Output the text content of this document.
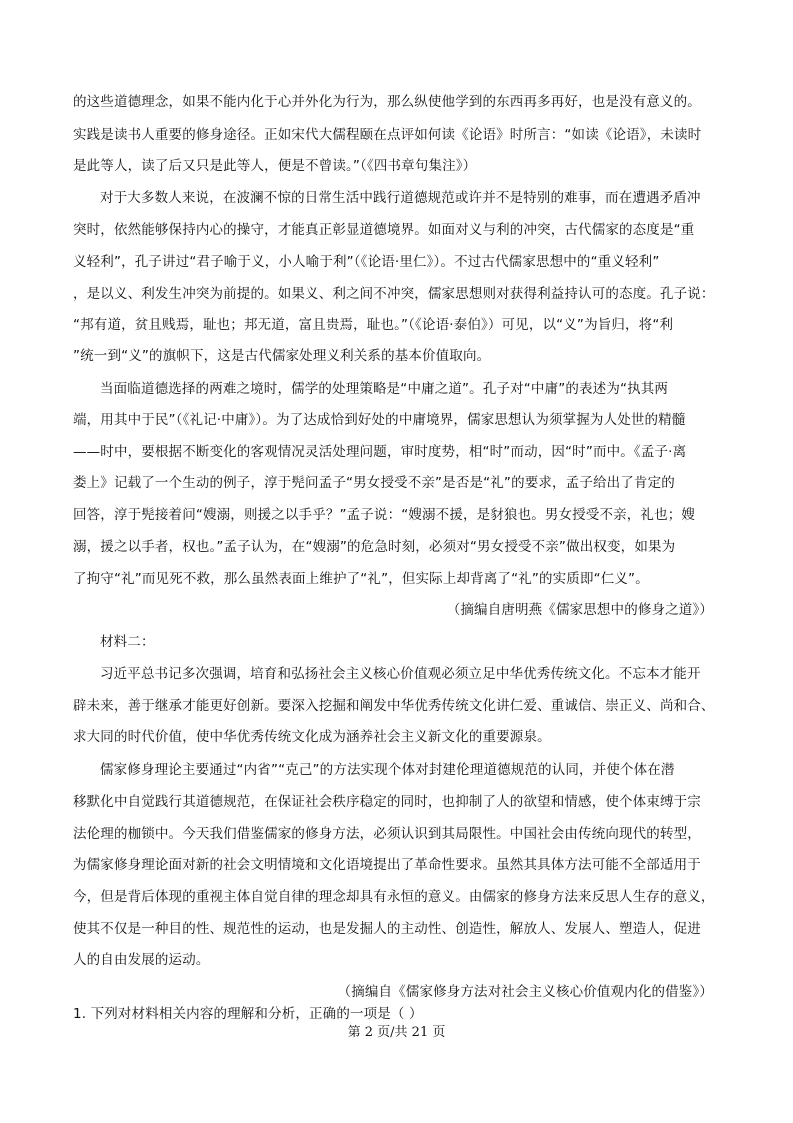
的这些道德理念，如果不能内化于心并外化为行为，那么纵使他学到的东西再多再好，也是没有意义的。
实践是读书人重要的修身途径。正如宋代大儒程颐在点评如何读《论语》时所言：“如读《论语》，未读时
是此等人，读了后又只是此等人，便是不曾读。”（《四书章句集注》）
对于大多数人来说，在波澜不惊的日常生活中践行道德规范或许并不是特别的难事，而在遭遇矛盾冲
突时，依然能够保持内心的操守，才能真正彰显道德境界。如面对义与利的冲突，古代儒家的态度是“重
义轻利”，孔子讲过“君子喻于义，小人喻于利”（《论语·里仁》）。不过古代儒家思想中的“重义轻利”
，是以义、利发生冲突为前提的。如果义、利之间不冲突，儒家思想则对获得利益持认可的态度。孔子说：
“邦有道，贫且贱焉，耻也；邦无道，富且贵焉，耻也。”（《论语·泰伯》）可见，以“义”为旨归，将“利
”统一到“义”的旗帜下，这是古代儒家处理义利关系的基本价值取向。
当面临道德选择的两难之境时，儒学的处理策略是“中庸之道”。孔子对“中庸”的表述为“执其两
端，用其中于民”（《礼记·中庸》）。为了达成恰到好处的中庸境界，儒家思想认为须掌握为人处世的精髓
——时中，要根据不断变化的客观情况灵活处理问题，审时度势，相“时”而动，因“时”而中。《孟子·离
娄上》记载了一个生动的例子，淳于髡问孟子“男女授受不亲”是否是“礼”的要求，孟子给出了肯定的
回答，淳于髡接着问“嫂溺，则援之以手乎？”孟子说：“嫂溺不援，是豺狼也。男女授受不亲，礼也；嫂
溺，援之以手者，权也。”孟子认为，在“嫂溺”的危急时刻，必须对“男女授受不亲”做出权变，如果为
了拘守“礼”而见死不救，那么虽然表面上维护了“礼”，但实际上却背离了“礼”的实质即“仁义”。
（摘编自唐明燕《儒家思想中的修身之道》）
材料二：
习近平总书记多次强调，培育和弘扬社会主义核心价值观必须立足中华优秀传统文化。不忘本才能开
辟未来，善于继承才能更好创新。要深入挖掘和阐发中华优秀传统文化讲仁爱、重诚信、崇正义、尚和合、
求大同的时代价值，使中华优秀传统文化成为涵养社会主义新文化的重要源泉。
儒家修身理论主要通过“内省”“克己”的方法实现个体对封建伦理道德规范的认同，并使个体在潜
移默化中自觉践行其道德规范，在保证社会秩序稳定的同时，也抑制了人的欲望和情感，使个体束缚于宗
法伦理的枷锁中。今天我们借鉴儒家的修身方法，必须认识到其局限性。中国社会由传统向现代的转型，
为儒家修身理论面对新的社会文明情境和文化语境提出了革命性要求。虽然其具体方法可能不全部适用于
今，但是背后体现的重视主体自觉自律的理念却具有永恒的意义。由儒家的修身方法来反思人生存的意义，
使其不仅是一种目的性、规范性的运动，也是发掘人的主动性、创造性，解放人、发展人、塑造人，促进
人的自由发展的运动。
（摘编自《儒家修身方法对社会主义核心价值观内化的借鉴》）
1. 下列对材料相关内容的理解和分析，正确的一项是（ ）
第 2 页/共 21 页
